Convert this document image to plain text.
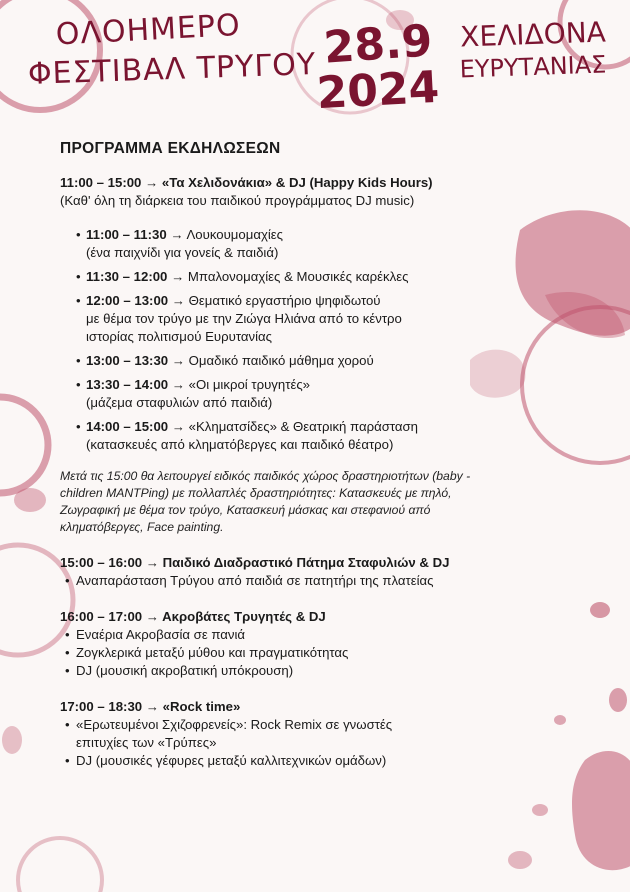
ΟΛΟΗΜΕΡΟ
ΦΕΣΤΙΒΑΛ ΤΡΥΓΟΥ 28.9
2024
ΧΕΛΙΔΟΝΑ
ΕΥΡΥΤΑΝΙΑΣ
ΠΡΟΓΡΑΜΜΑ ΕΚΔΗΛΩΣΕΩΝ
11:00 – 15:00 → «Τα Χελιδονάκια» & DJ (Happy Kids Hours)
(Καθ' όλη τη διάρκεια του παιδικού προγράμματος DJ music)
• 11:00 – 11:30 → Λουκουμομαχίες
(ένα παιχνίδι για γονείς & παιδιά)
• 11:30 – 12:00 → Μπαλονομαχίες & Μουσικές καρέκλες
• 12:00 – 13:00 → Θεματικό εργαστήριο ψηφιδωτού
με θέμα τον τρύγο με την Ζιώγα Ηλιάνα από το κέντρο ιστορίας πολιτισμού Ευρυτανίας
• 13:00 – 13:30 → Ομαδικό παιδικό μάθημα χορού
• 13:30 – 14:00 → «Οι μικροί τρυγητές»
(μάζεμα σταφυλιών από παιδιά)
• 14:00 – 15:00 → «Κληματσίδες» & Θεατρική παράσταση
(κατασκευές από κληματόβεργες και παιδικό θέατρο)
Μετά τις 15:00 θα λειτουργεί ειδικός παιδικός χώρος δραστηριοτήτων (baby - children MANTPing) με πολλαπλές δραστηριότητες: Κατασκευές με πηλό, Ζωγραφική με θέμα τον τρύγο, Κατασκευή μάσκας και στεφανιού από κληματόβεργες, Face painting.
15:00 – 16:00 → Παιδικό Διαδραστικό Πάτημα Σταφυλιών & DJ
• Αναπαράσταση Τρύγου από παιδιά σε πατητήρι της πλατείας
16:00 – 17:00 → Ακροβάτες Τρυγητές & DJ
• Εναέρια Ακροβασία σε πανιά
• Ζογκλερικά μεταξύ μύθου και πραγματικότητας
• DJ (μουσική ακροβατική υπόκρουση)
17:00 – 18:30 → «Rock time»
• «Ερωτευμένοι Σχιζοφρενείς»: Rock Remix σε γνωστές επιτυχίες των «Τρύπες»
• DJ (μουσικές γέφυρες μεταξύ καλλιτεχνικών ομάδων)
